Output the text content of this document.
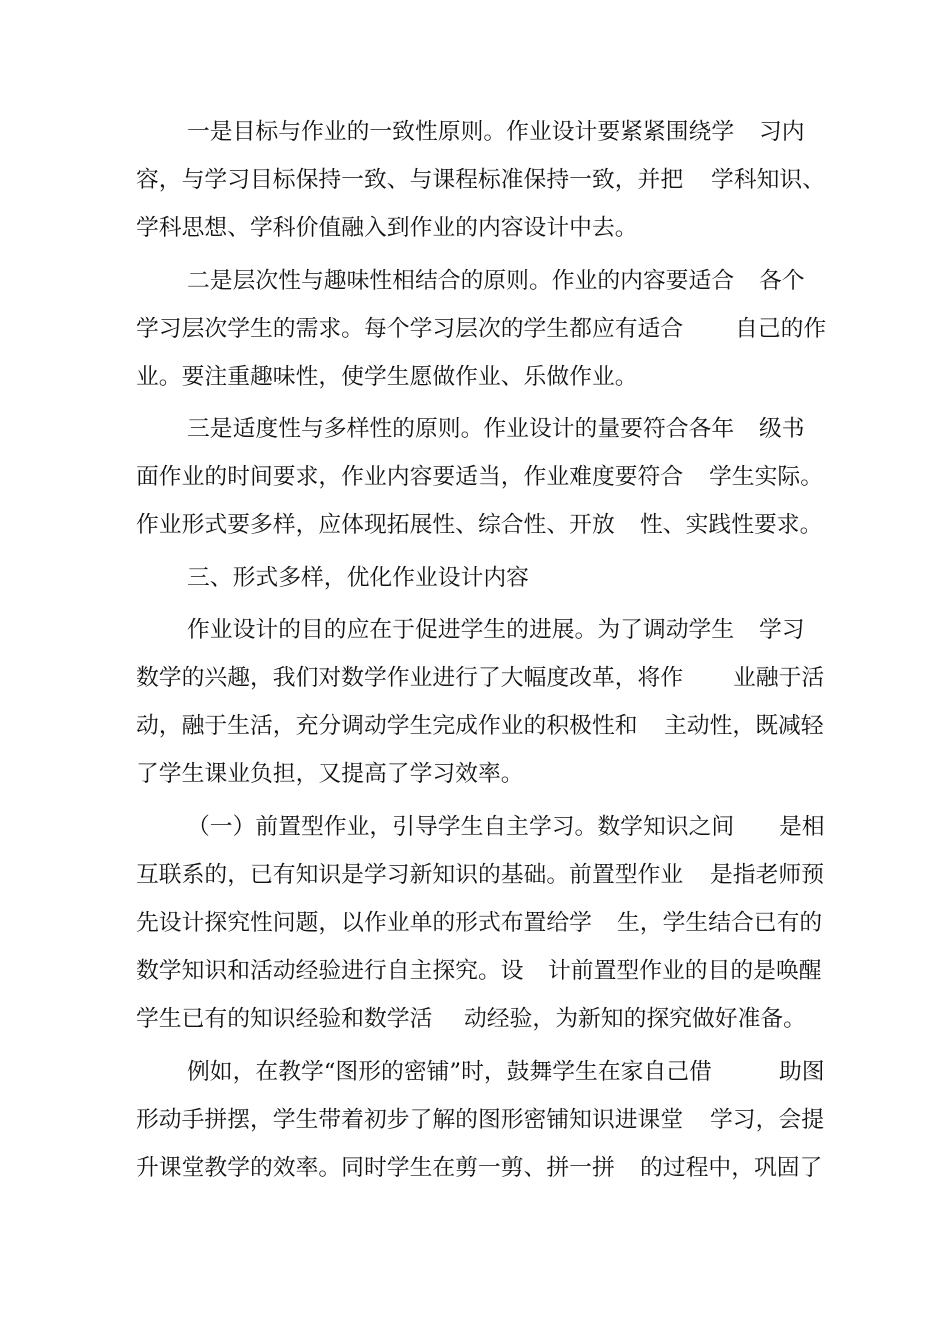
一是目标与作业的一致性原则。作业设计要紧紧围绕学

习内

容，与学习目标保持一致、与课程标准保持一致，并把

学科知识、

学科思想、学科价值融入到作业的内容设计中去。

二是层次性与趣味性相结合的原则。作业的内容要适合

各个

学习层次学生的需求。每个学习层次的学生都应有适合

自己的作

业。要注重趣味性，使学生愿做作业、乐做作业。

三是适度性与多样性的原则。作业设计的量要符合各年

级书

面作业的时间要求，作业内容要适当，作业难度要符合

学生实际。

作业形式要多样，应体现拓展性、综合性、开放

性、实践性要求。

三、形式多样，优化作业设计内容

作业设计的目的应在于促进学生的进展。为了调动学生

学习

数学的兴趣，我们对数学作业进行了大幅度改革，将作

业融于活

动，融于生活，充分调动学生完成作业的积极性和

主动性，既减轻

了学生课业负担，又提高了学习效率。

（一）前置型作业，引导学生自主学习。数学知识之间

是相

互联系的，已有知识是学习新知识的基础。前置型作业

是指老师预

先设计探究性问题，以作业单的形式布置给学

生，学生结合已有的

数学知识和活动经验进行自主探究。设

计前置型作业的目的是唤醒

学生已有的知识经验和数学活

动经验，为新知的探究做好准备。

例如，在教学“图形的密铺”时，鼓舞学生在家自己借

	助图

形动手拼摆，学生带着初步了解的图形密铺知识进课堂

学习，会提

升课堂教学的效率。同时学生在剪一剪、拼一拼

的过程中，巩固了
